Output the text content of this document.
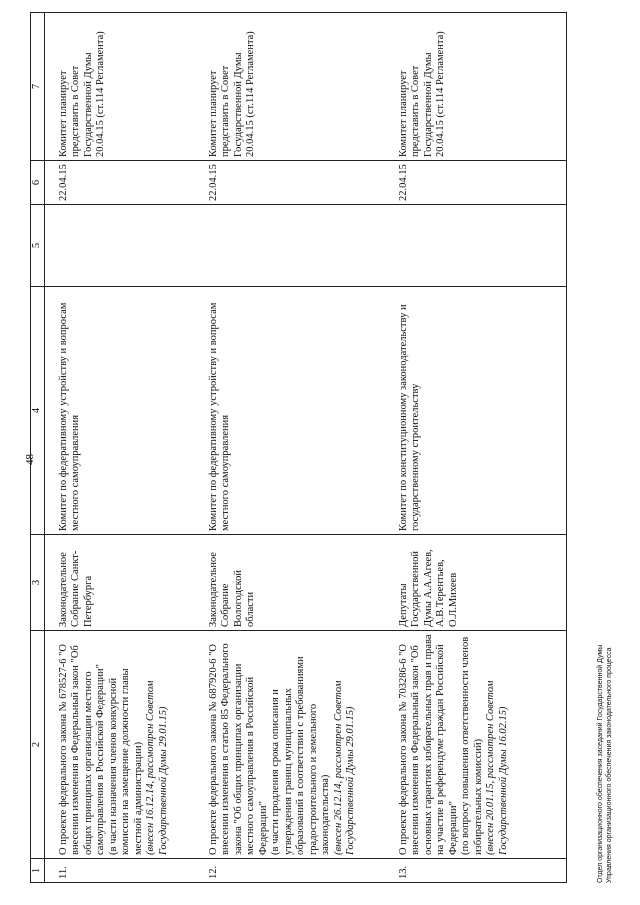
48
1	2	3	4	5	6	7

11.	О проекте федерального закона № 678527-6 "О внесении изменения в Федеральный закон "Об общих принципах организации местного самоуправления в Российской Федерации" (в части назначения членов конкурсной комиссии на замещение должности главы местной администрации) (внесен 16.12.14, рассмотрен Советом Государственной Думы 29.01.15)	Законодательное Собрание Санкт-Петербурга	Комитет по федеративному устройству и вопросам местного самоуправления		22.04.15	Комитет планирует представить в Совет Государственной Думы 20.04.15 (ст.114 Регламента)
12.	О проекте федерального закона № 687920-6 "О внесении изменения в статью 85 Федерального закона "Об общих принципах организации местного самоуправления в Российской Федерации" (в части продления срока описания и утверждения границ муниципальных образований в соответствии с требованиями градостроительного и земельного законодательства) (внесен 26.12.14, рассмотрен Советом Государственной Думы 29.01.15)	Законодательное Собрание Вологодской области	Комитет по федеративному устройству и вопросам местного самоуправления		22.04.15	Комитет планирует представить в Совет Государственной Думы 20.04.15 (ст.114 Регламента)
13.	О проекте федерального закона № 703286-6 "О внесении изменения в Федеральный закон "Об основных гарантиях избирательных прав и права на участие в референдуме граждан Российской Федерации" (по вопросу повышения ответственности членов избирательных комиссий) (внесен 20.01.15, рассмотрен Советом Государственной Думы 16.02.15)	Депутаты Государственной Думы А.А.Агеев, А.В.Терентьев, О.Л.Михеев	Комитет по конституционному законодательству и государственному строительству		22.04.15	Комитет планирует представить в Совет Государственной Думы 20.04.15 (ст.114 Регламента)
Отдел организационного обеспечения заседаний Государственной Думы Управления организационного обеспечения законодательного процесса
